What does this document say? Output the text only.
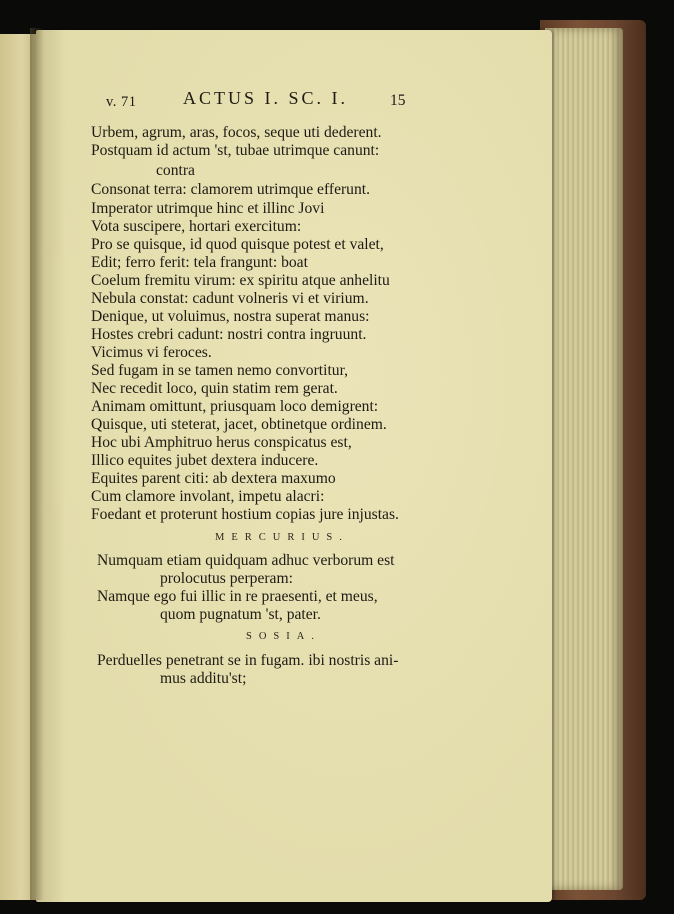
v. 71	ACTUS I. SC. I.	15
Urbem, agrum, aras, focos, seque uti dederent.
Postquam id actum 'st, tubae utrimque canunt:
contra
Consonat terra: clamorem utrimque efferunt.
Imperator utrimque hinc et illinc Jovi
Vota suscipere, hortari exercitum:
Pro se quisque, id quod quisque potest et valet,
Edit; ferro ferit: tela frangunt: boat
Coelum fremitu virum: ex spiritu atque anhelitu
Nebula constat: cadunt volneris vi et virium.
Denique, ut voluimus, nostra superat manus:
Hostes crebri cadunt: nostri contra ingruunt.
Vicimus vi feroces.
Sed fugam in se tamen nemo convortitur,
Nec recedit loco, quin statim rem gerat.
Animam omittunt, priusquam loco demigrent:
Quisque, uti steterat, jacet, obtinetque ordinem.
Hoc ubi Amphitruo herus conspicatus est,
Illico equites jubet dextera inducere.
Equites parent citi: ab dextera maxumo
Cum clamore involant, impetu alacri:
Foedant et proterunt hostium copias jure injustas.
MERCURIUS.
Numquam etiam quidquam adhuc verborum est
prolocutus perperam:
Namque ego fui illic in re praesenti, et meus,
quom pugnatum 'st, pater.
SOSIA.
Perduelles penetrant se in fugam. ibi nostris ani-
mus additu'st;
